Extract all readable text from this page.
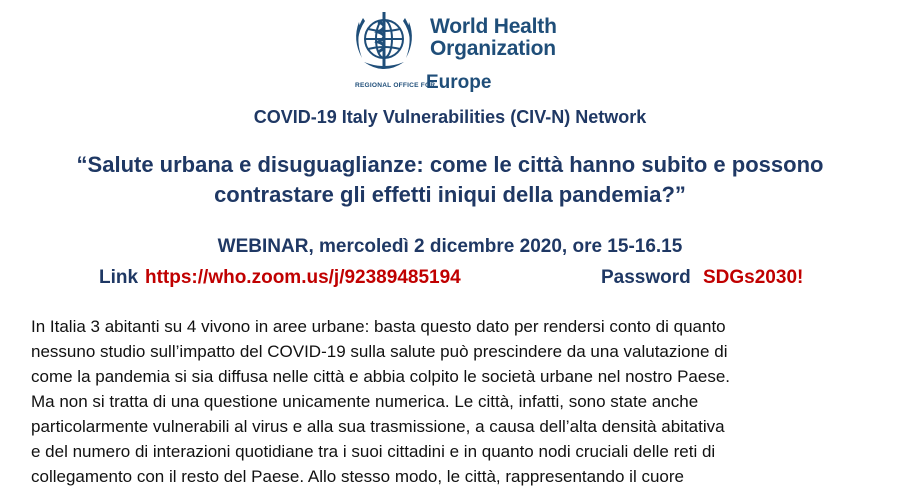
World Health
Organization
REGIONAL OFFICE FOR
Europe
COVID-19 Italy Vulnerabilities (CIV-N) Network
“Salute urbana e disuguaglianze: come le città hanno subito e possono
contrastare gli effetti iniqui della pandemia?”
WEBINAR, mercoledì 2 dicembre 2020, ore 15-16.15
Link https://who.zoom.us/j/92389485194	Password SDGs2030!
In Italia 3 abitanti su 4 vivono in aree urbane: basta questo dato per rendersi conto di quanto
nessuno studio sull’impatto del COVID-19 sulla salute può prescindere da una valutazione di
come la pandemia si sia diffusa nelle città e abbia colpito le società urbane nel nostro Paese.
Ma non si tratta di una questione unicamente numerica. Le città, infatti, sono state anche
particolarmente vulnerabili al virus e alla sua trasmissione, a causa dell’alta densità abitativa
e del numero di interazioni quotidiane tra i suoi cittadini e in quanto nodi cruciali delle reti di
collegamento con il resto del Paese. Allo stesso modo, le città, rappresentando il cuore
